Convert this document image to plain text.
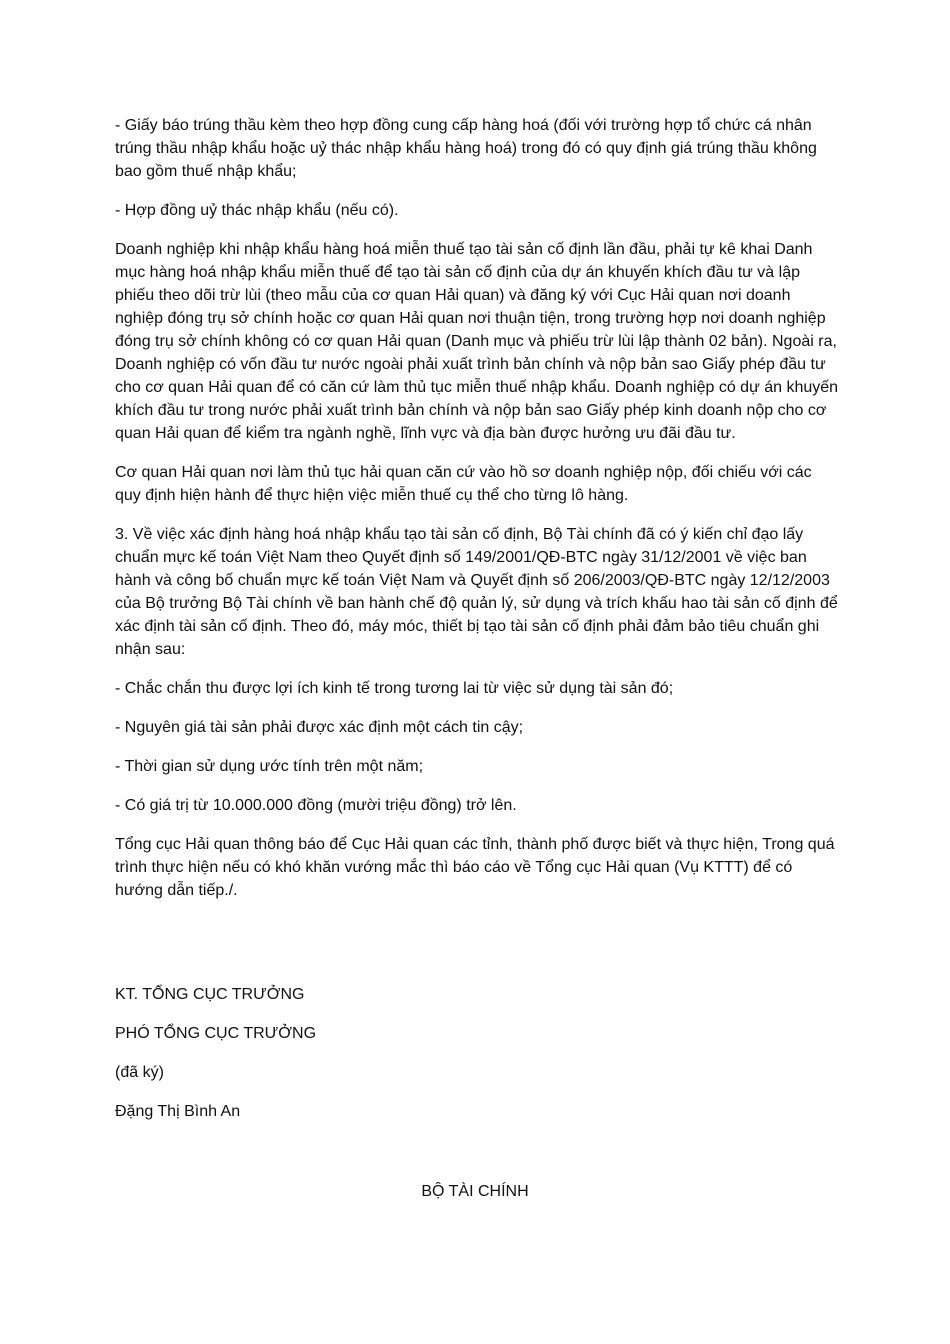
- Giấy báo trúng thầu kèm theo hợp đồng cung cấp hàng hoá (đối với trường hợp tổ chức cá nhân trúng thầu nhập khẩu hoặc uỷ thác nhập khẩu hàng hoá) trong đó có quy định giá trúng thầu không bao gồm thuế nhập khẩu;

- Hợp đồng uỷ thác nhập khẩu (nếu có).

Doanh nghiệp khi nhập khẩu hàng hoá miễn thuế tạo tài sản cố định lần đầu, phải tự kê khai Danh mục hàng hoá nhập khẩu miễn thuế để tạo tài sản cố định của dự án khuyến khích đầu tư và lập phiếu theo dõi trừ lùi (theo mẫu của cơ quan Hải quan) và đăng ký với Cục Hải quan nơi doanh nghiệp đóng trụ sở chính hoặc cơ quan Hải quan nơi thuận tiện, trong trường hợp nơi doanh nghiệp đóng trụ sở chính không có cơ quan Hải quan (Danh mục và phiếu trừ lùi lập thành 02 bản). Ngoài ra, Doanh nghiệp có vốn đầu tư nước ngoài phải xuất trình bản chính và nộp bản sao Giấy phép đầu tư cho cơ quan Hải quan để có căn cứ làm thủ tục miễn thuế nhập khẩu. Doanh nghiệp có dự án khuyến khích đầu tư trong nước phải xuất trình bản chính và nộp bản sao Giấy phép kinh doanh nộp cho cơ quan Hải quan để kiểm tra ngành nghề, lĩnh vực và địa bàn được hưởng ưu đãi đầu tư.

Cơ quan Hải quan nơi làm thủ tục hải quan căn cứ vào hồ sơ doanh nghiệp nộp, đối chiếu với các quy định hiện hành để thực hiện việc miễn thuế cụ thể cho từng lô hàng.

3. Về việc xác định hàng hoá nhập khẩu tạo tài sản cố định, Bộ Tài chính đã có ý kiến chỉ đạo lấy chuẩn mực kế toán Việt Nam theo Quyết định số 149/2001/QĐ-BTC ngày 31/12/2001 về việc ban hành và công bố chuẩn mực kế toán Việt Nam và Quyết định số 206/2003/QĐ-BTC ngày 12/12/2003 của Bộ trưởng Bộ Tài chính về ban hành chế độ quản lý, sử dụng và trích khấu hao tài sản cố định để xác định tài sản cố định. Theo đó, máy móc, thiết bị tạo tài sản cố định phải đảm bảo tiêu chuẩn ghi nhận sau:

- Chắc chắn thu được lợi ích kinh tế trong tương lai từ việc sử dụng tài sản đó;

- Nguyên giá tài sản phải được xác định một cách tin cậy;

- Thời gian sử dụng ước tính trên một năm;

- Có giá trị từ 10.000.000 đồng (mười triệu đồng) trở lên.

Tổng cục Hải quan thông báo để Cục Hải quan các tỉnh, thành phố được biết và thực hiện, Trong quá trình thực hiện nếu có khó khăn vướng mắc thì báo cáo về Tổng cục Hải quan (Vụ KTTT) để có hướng dẫn tiếp./.

KT. TỔNG CỤC TRƯỞNG

PHÓ TỔNG CỤC TRƯỞNG

(đã ký)

Đặng Thị Bình An

BỘ TÀI CHÍNH
